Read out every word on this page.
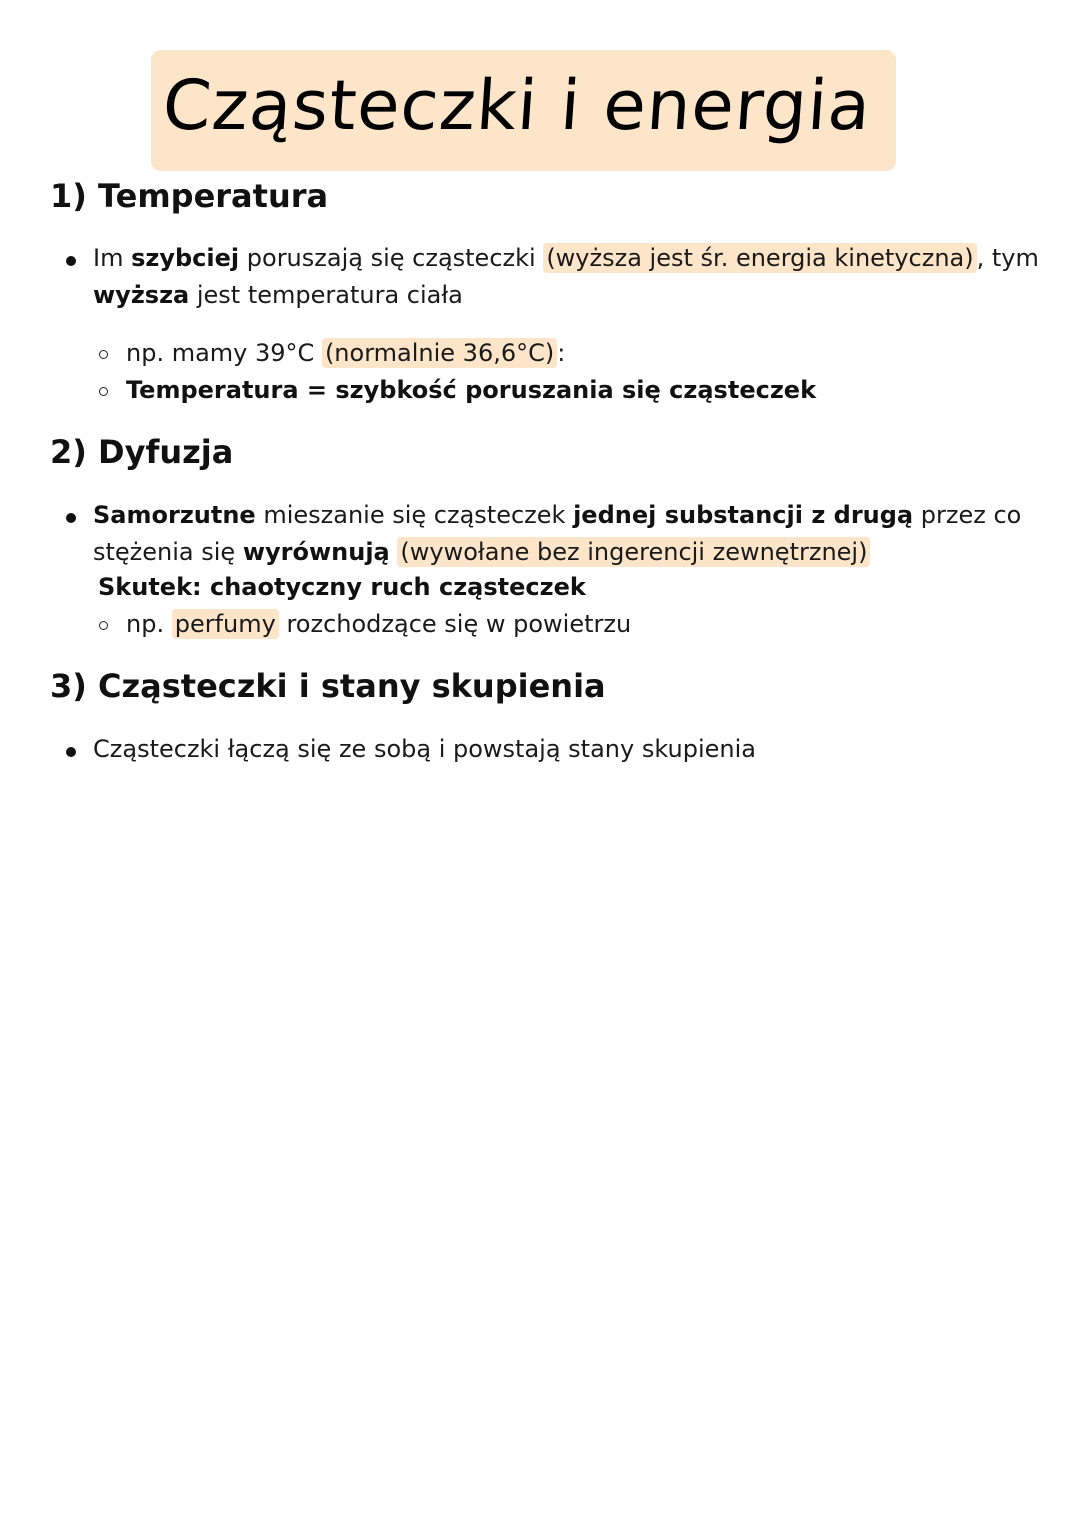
Cząsteczki i energia
1) Temperatura
Im szybciej poruszają się cząsteczki (wyższa jest śr. energia kinetyczna) , tym
wyższa jest temperatura ciała
np. mamy 39°C (normalnie 36,6°C) :
Temperatura = szybkość poruszania się cząsteczek
2) Dyfuzja
Samorzutne mieszanie się cząsteczek jednej substancji z drugą przez co
stężenia się wyrównują (wywołane bez ingerencji zewnętrznej)
Skutek: chaotyczny ruch cząsteczek
np. perfumy rozchodzące się w powietrzu
3) Cząsteczki i stany skupienia
Cząsteczki łączą się ze sobą i powstają stany skupienia
